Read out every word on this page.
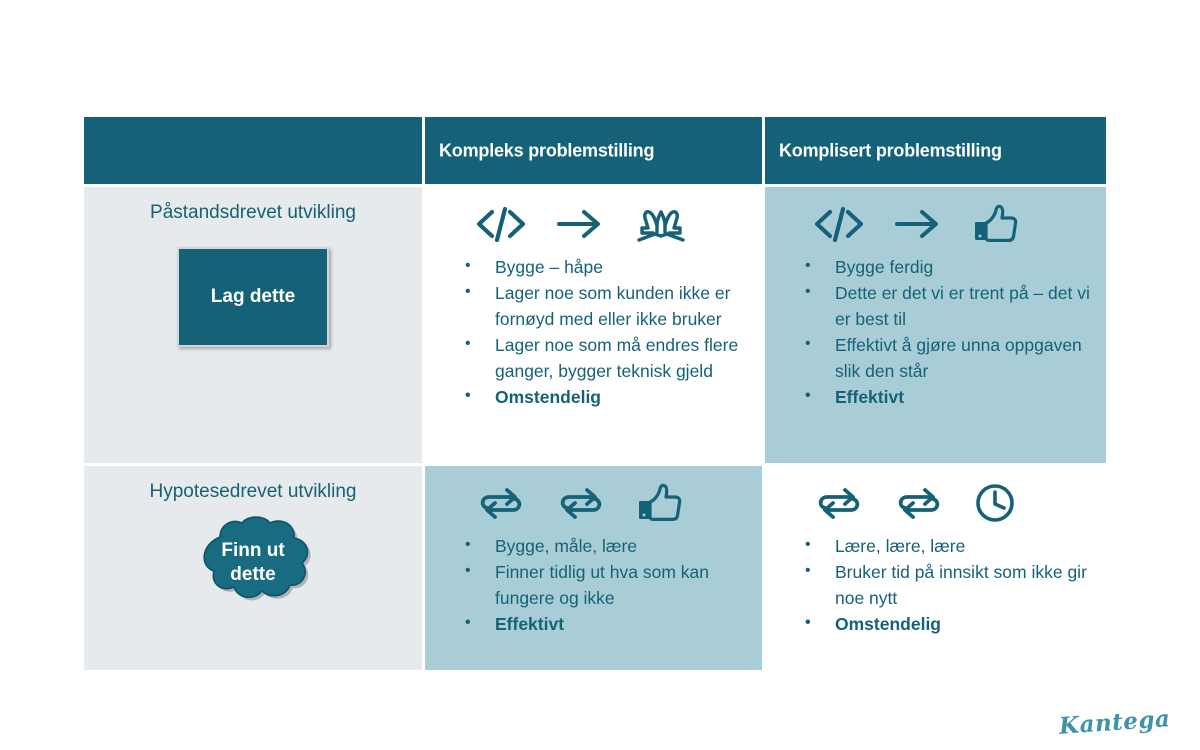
Kompleks problemstilling	Komplisert problemstilling
Påstandsdrevet utvikling
Lag dette
• Bygge – håpe
• Lager noe som kunden ikke er fornøyd med eller ikke bruker
• Lager noe som må endres flere ganger, bygger teknisk gjeld
• Omstendelig
• Bygge ferdig
• Dette er det vi er trent på – det vi er best til
• Effektivt å gjøre unna oppgaven slik den står
• Effektivt
Hypotesedrevet utvikling
Finn ut
dette
• Bygge, måle, lære
• Finner tidlig ut hva som kan fungere og ikke
• Effektivt
• Lære, lære, lære
• Bruker tid på innsikt som ikke gir noe nytt
• Omstendelig
Kantega
